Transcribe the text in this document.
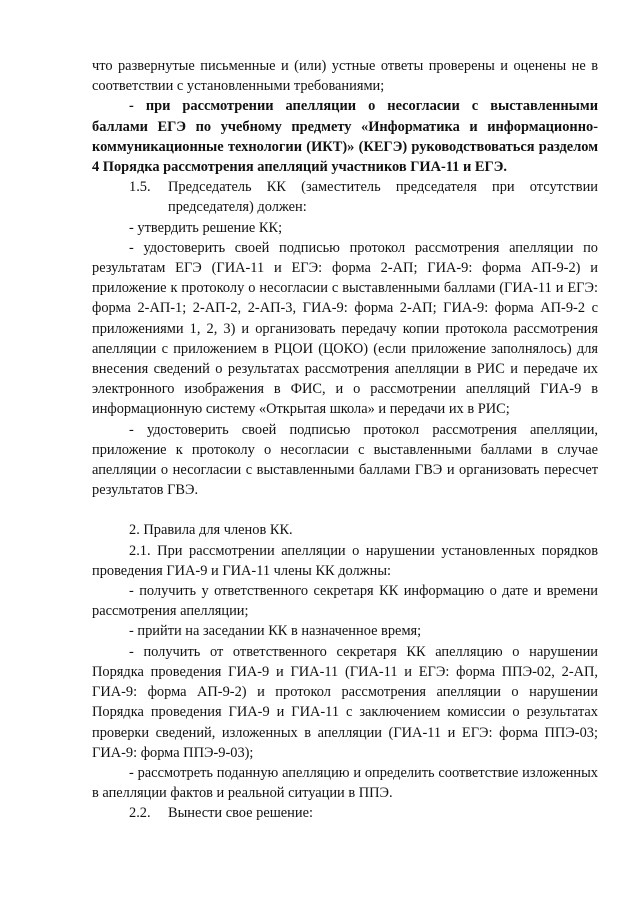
что развернутые письменные и (или) устные ответы проверены и оценены не в соответствии с установленными требованиями;

- при рассмотрении апелляции о несогласии с выставленными баллами ЕГЭ по учебному предмету «Информатика и информационно-коммуникационные технологии (ИКТ)» (КЕГЭ) руководствоваться разделом 4 Порядка рассмотрения апелляций участников ГИА-11 и ЕГЭ.

1.5. Председатель КК (заместитель председателя при отсутствии председателя) должен:

- утвердить решение КК;

- удостоверить своей подписью протокол рассмотрения апелляции по результатам ЕГЭ (ГИА-11 и ЕГЭ: форма 2-АП; ГИА-9: форма АП-9-2) и приложение к протоколу о несогласии с выставленными баллами (ГИА-11 и ЕГЭ: форма 2-АП-1; 2-АП-2, 2-АП-3, ГИА-9: форма 2-АП; ГИА-9: форма АП-9-2 с приложениями 1, 2, 3) и организовать передачу копии протокола рассмотрения апелляции с приложением в РЦОИ (ЦОКО) (если приложение заполнялось) для внесения сведений о результатах рассмотрения апелляции в РИС и передаче их электронного изображения в ФИС, и о рассмотрении апелляций ГИА-9 в информационную систему «Открытая школа» и передачи их в РИС;

- удостоверить своей подписью протокол рассмотрения апелляции, приложение к протоколу о несогласии с выставленными баллами в случае апелляции о несогласии с выставленными баллами ГВЭ и организовать пересчет результатов ГВЭ.

2. Правила для членов КК.

2.1. При рассмотрении апелляции о нарушении установленных порядков проведения ГИА-9 и ГИА-11 члены КК должны:

- получить у ответственного секретаря КК информацию о дате и времени рассмотрения апелляции;

- прийти на заседании КК в назначенное время;

- получить от ответственного секретаря КК апелляцию о нарушении Порядка проведения ГИА-9 и ГИА-11 (ГИА-11 и ЕГЭ: форма ППЭ-02, 2-АП, ГИА-9: форма АП-9-2) и протокол рассмотрения апелляции о нарушении Порядка проведения ГИА-9 и ГИА-11 с заключением комиссии о результатах проверки сведений, изложенных в апелляции (ГИА-11 и ЕГЭ: форма ППЭ-03; ГИА-9: форма ППЭ-9-03);

- рассмотреть поданную апелляцию и определить соответствие изложенных в апелляции фактов и реальной ситуации в ППЭ.

2.2. Вынести свое решение:
